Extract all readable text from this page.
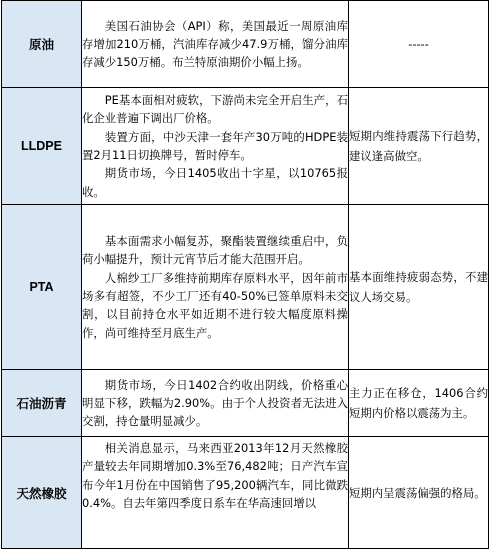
原油	美国石油协会（API）称，美国最近一周原油库存增加210万桶，汽油库存减少47.9万桶，馏分油库存减少150万桶。布兰特原油期价小幅上扬。	-----
LLDPE	PE基本面相对疲软，下游尚未完全开启生产，石化企业普遍下调出厂价格。

装置方面，中沙天津一套年产30万吨的HDPE装置2月11日切换牌号，暂时停车。

期货市场，今日1405收出十字星，以10765报收。	短期内维持震荡下行趋势，建议逢高做空。
PTA	基本面需求小幅复苏，聚酯装置继续重启中，负荷小幅提升，预计元宵节后才能大范围开启。

人棉纱工厂多维持前期库存原料水平，因年前市场多有超签，不少工厂还有40-50%已签单原料未交割，以目前持仓水平如近期不进行较大幅度原料操作，尚可维持至月底生产。	基本面维持疲弱态势，不建议人场交易。
石油沥青	期货市场，今日1402合约收出阴线，价格重心明显下移，跌幅为2.90%。由于个人投资者无法进入交割，持仓量明显减少。	主力正在移仓，1406合约短期内价格以震荡为主。
天然橡胶	相关消息显示，马来西亚2013年12月天然橡胶产量较去年同期增加0.3%至76,482吨；日产汽车宣布今年1月份在中国销售了95,200辆汽车，同比微跌0.4%。自去年第四季度日系车在华高速回增以	短期内呈震荡偏强的格局。
